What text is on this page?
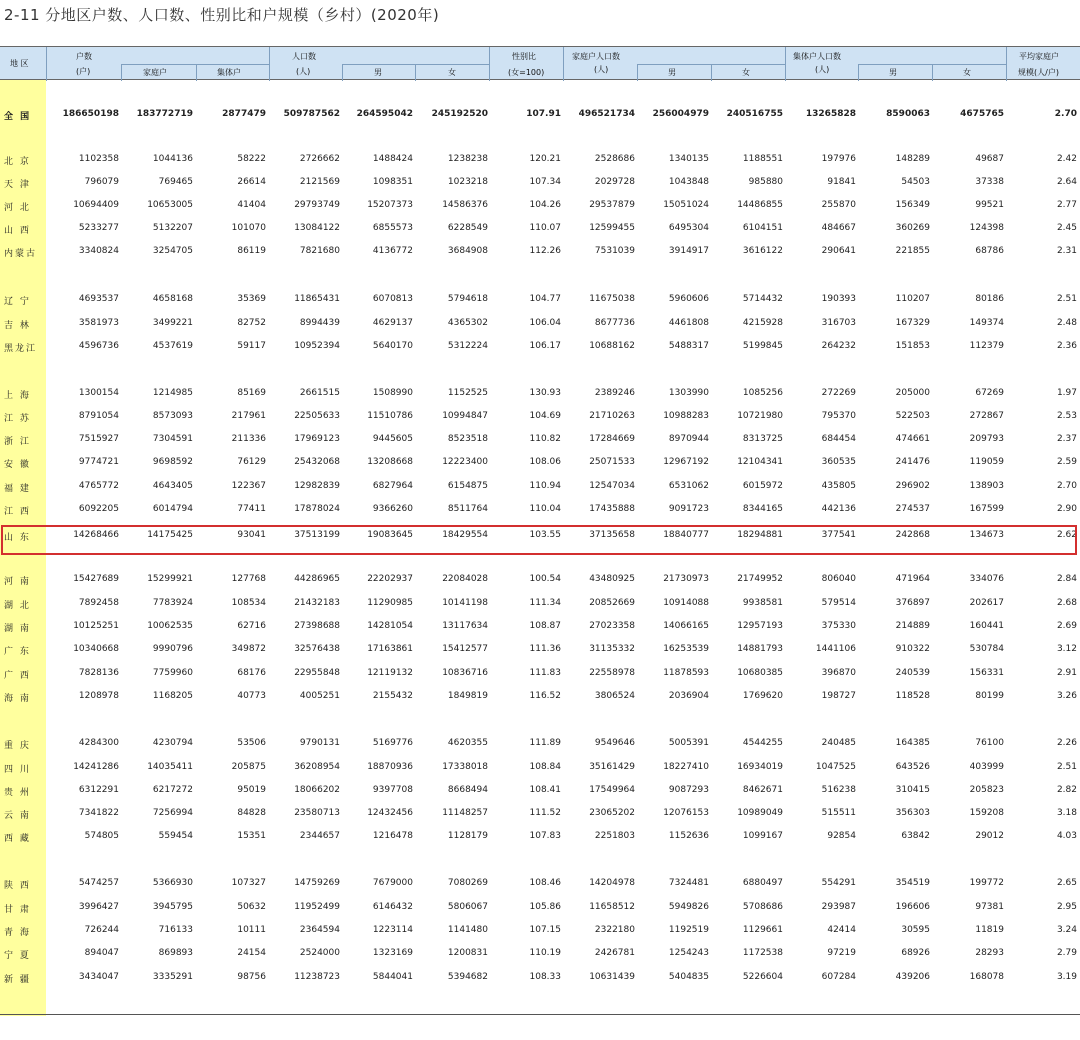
2-11 分地区户数、人口数、性别比和户规模（乡村）(2020年)
地 区
户数
(户)	家庭户	集体户
人口数
(人)	男	女
性别比
(女=100)
家庭户人口数
(人)	男	女
集体户人口数
(人)	男	女
平均家庭户
规模(人/户)
全 国	186650198 183772719	2877479 509787562 264595042 245192520	107.91 496521734 256004979 240516755	13265828	8590063	4675765	2.70
北 京	1102358	1044136	58222	2726662	1488424	1238238	120.21	2528686	1340135	1188551	197976	148289	49687	2.42
天 津	796079	769465	26614	2121569	1098351	1023218	107.34	2029728	1043848	985880	91841	54503	37338	2.64
河 北	10694409	10653005	41404	29793749	15207373	14586376	104.26	29537879	15051024	14486855	255870	156349	99521	2.77
山 西	5233277	5132207	101070	13084122	6855573	6228549	110.07	12599455	6495304	6104151	484667	360269	124398	2.45
内蒙古	3340824	3254705	86119	7821680	4136772	3684908	112.26	7531039	3914917	3616122	290641	221855	68786	2.31
辽 宁	4693537	4658168	35369	11865431	6070813	5794618	104.77	11675038	5960606	5714432	190393	110207	80186	2.51
吉 林	3581973	3499221	82752	8994439	4629137	4365302	106.04	8677736	4461808	4215928	316703	167329	149374	2.48
黑龙江	4596736	4537619	59117	10952394	5640170	5312224	106.17	10688162	5488317	5199845	264232	151853	112379	2.36
上 海	1300154	1214985	85169	2661515	1508990	1152525	130.93	2389246	1303990	1085256	272269	205000	67269	1.97
江 苏	8791054	8573093	217961	22505633	11510786	10994847	104.69	21710263	10988283	10721980	795370	522503	272867	2.53
浙 江	7515927	7304591	211336	17969123	9445605	8523518	110.82	17284669	8970944	8313725	684454	474661	209793	2.37
安 徽	9774721	9698592	76129	25432068	13208668	12223400	108.06	25071533	12967192	12104341	360535	241476	119059	2.59
福 建	4765772	4643405	122367	12982839	6827964	6154875	110.94	12547034	6531062	6015972	435805	296902	138903	2.70
江 西	6092205	6014794	77411	17878024	9366260	8511764	110.04	17435888	9091723	8344165	442136	274537	167599	2.90
山 东	14268466	14175425	93041	37513199	19083645	18429554	103.55	37135658	18840777	18294881	377541	242868	134673	2.62
河 南	15427689	15299921	127768	44286965	22202937	22084028	100.54	43480925	21730973	21749952	806040	471964	334076	2.84
湖 北	7892458	7783924	108534	21432183	11290985	10141198	111.34	20852669	10914088	9938581	579514	376897	202617	2.68
湖 南	10125251	10062535	62716	27398688	14281054	13117634	108.87	27023358	14066165	12957193	375330	214889	160441	2.69
广 东	10340668	9990796	349872	32576438	17163861	15412577	111.36	31135332	16253539	14881793	1441106	910322	530784	3.12
广 西	7828136	7759960	68176	22955848	12119132	10836716	111.83	22558978	11878593	10680385	396870	240539	156331	2.91
海 南	1208978	1168205	40773	4005251	2155432	1849819	116.52	3806524	2036904	1769620	198727	118528	80199	3.26
重 庆	4284300	4230794	53506	9790131	5169776	4620355	111.89	9549646	5005391	4544255	240485	164385	76100	2.26
四 川	14241286	14035411	205875	36208954	18870936	17338018	108.84	35161429	18227410	16934019	1047525	643526	403999	2.51
贵 州	6312291	6217272	95019	18066202	9397708	8668494	108.41	17549964	9087293	8462671	516238	310415	205823	2.82
云 南	7341822	7256994	84828	23580713	12432456	11148257	111.52	23065202	12076153	10989049	515511	356303	159208	3.18
西 藏	574805	559454	15351	2344657	1216478	1128179	107.83	2251803	1152636	1099167	92854	63842	29012	4.03
陕 西	5474257	5366930	107327	14759269	7679000	7080269	108.46	14204978	7324481	6880497	554291	354519	199772	2.65
甘 肃	3996427	3945795	50632	11952499	6146432	5806067	105.86	11658512	5949826	5708686	293987	196606	97381	2.95
青 海	726244	716133	10111	2364594	1223114	1141480	107.15	2322180	1192519	1129661	42414	30595	11819	3.24
宁 夏	894047	869893	24154	2524000	1323169	1200831	110.19	2426781	1254243	1172538	97219	68926	28293	2.79
新 疆	3434047	3335291	98756	11238723	5844041	5394682	108.33	10631439	5404835	5226604	607284	439206	168078	3.19
